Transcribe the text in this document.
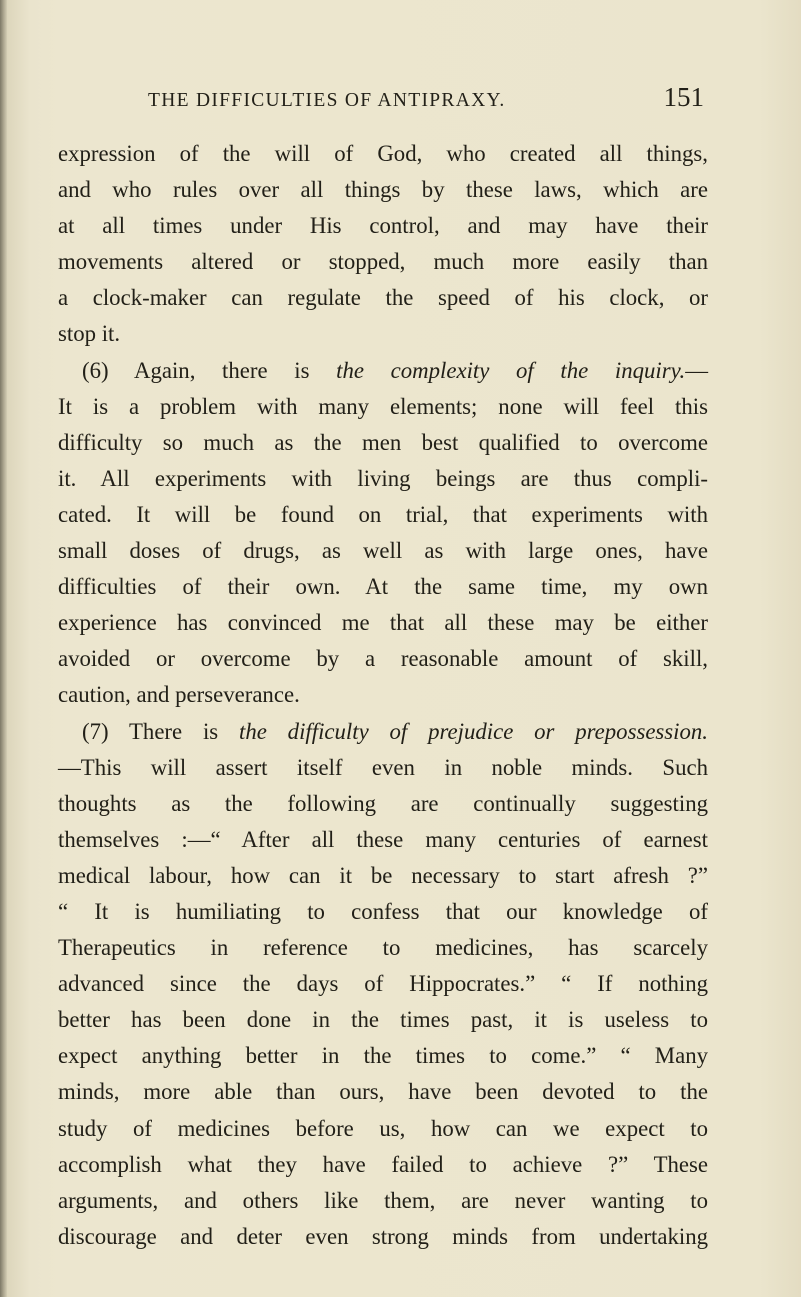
THE DIFFICULTIES OF ANTIPRAXY.	151
expression of the will of God, who created all things,
and who rules over all things by these laws, which are
at all times under His control, and may have their
movements altered or stopped, much more easily than
a clock-maker can regulate the speed of his clock, or
stop it.
(6) Again, there is the complexity of the inquiry.—
It is a problem with many elements; none will feel this
difficulty so much as the men best qualified to overcome
it. All experiments with living beings are thus compli-
cated. It will be found on trial, that experiments with
small doses of drugs, as well as with large ones, have
difficulties of their own. At the same time, my own
experience has convinced me that all these may be either
avoided or overcome by a reasonable amount of skill,
caution, and perseverance.
(7) There is the difficulty of prejudice or prepossession.
—This will assert itself even in noble minds. Such
thoughts as the following are continually suggesting
themselves :—“ After all these many centuries of earnest
medical labour, how can it be necessary to start afresh ?”
“ It is humiliating to confess that our knowledge of
Therapeutics in reference to medicines, has scarcely
advanced since the days of Hippocrates.” “ If nothing
better has been done in the times past, it is useless to
expect anything better in the times to come.” “ Many
minds, more able than ours, have been devoted to the
study of medicines before us, how can we expect to
accomplish what they have failed to achieve ?” These
arguments, and others like them, are never wanting to
discourage and deter even strong minds from undertaking
